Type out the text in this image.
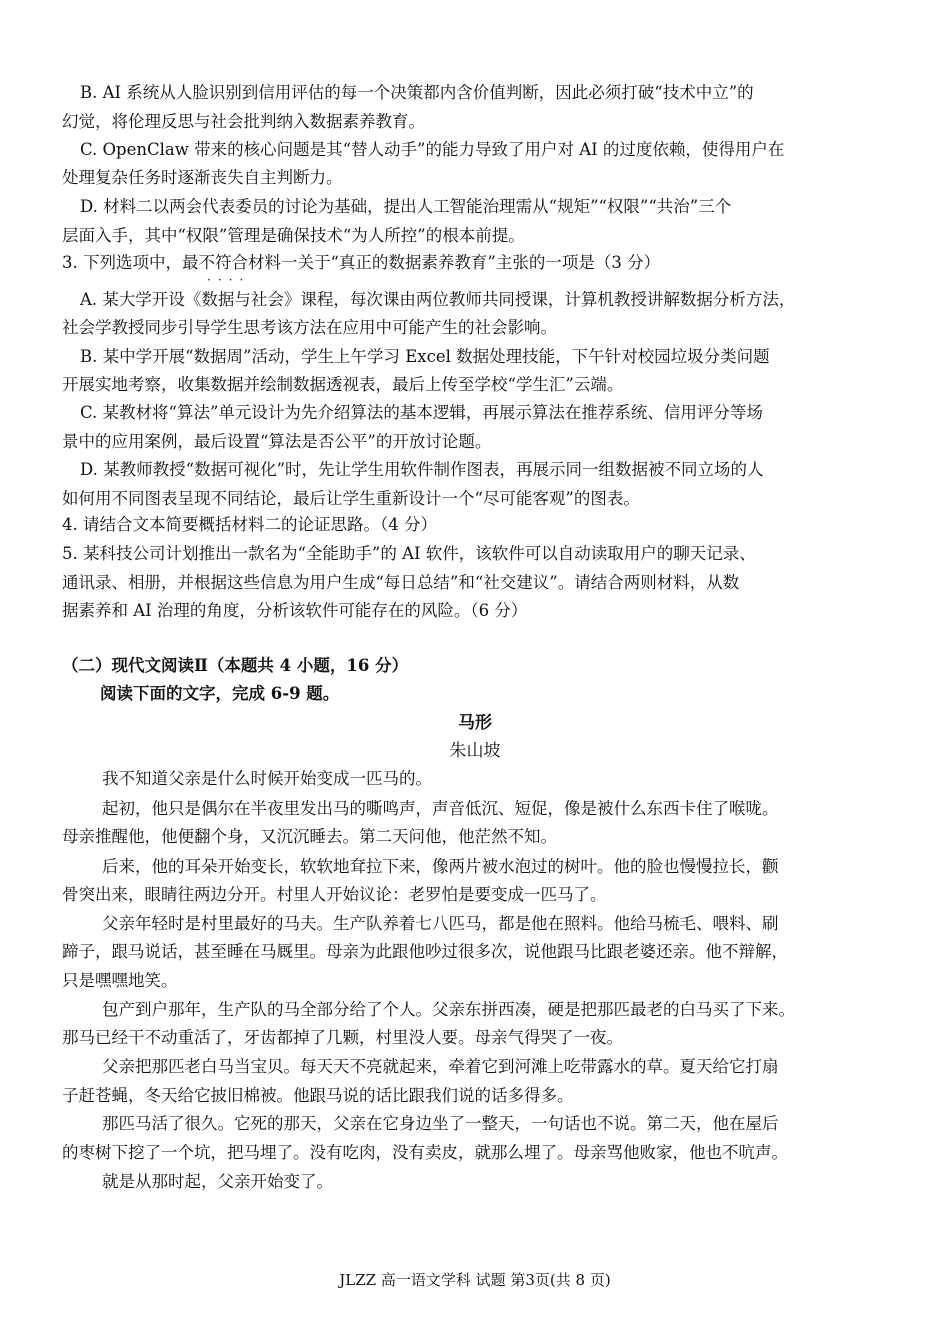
B. AI 系统从人脸识别到信用评估的每一个决策都内含价值判断，因此必须打破“技术中立”的
幻觉，将伦理反思与社会批判纳入数据素养教育。
C. OpenClaw 带来的核心问题是其“替人动手”的能力导致了用户对 AI 的过度依赖，使得用户在
处理复杂任务时逐渐丧失自主判断力。
D. 材料二以两会代表委员的讨论为基础，提出人工智能治理需从“规矩”“权限”“共治”三个
层面入手，其中“权限”管理是确保技术“为人所控”的根本前提。
3. 下列选项中，最不符合材料一关于“真正的数据素养教育”主张的一项是（3 分）
····
A. 某大学开设《数据与社会》课程，每次课由两位教师共同授课，计算机教授讲解数据分析方法，
社会学教授同步引导学生思考该方法在应用中可能产生的社会影响。
B. 某中学开展“数据周”活动，学生上午学习 Excel 数据处理技能，下午针对校园垃圾分类问题
开展实地考察，收集数据并绘制数据透视表，最后上传至学校“学生汇”云端。
C. 某教材将“算法”单元设计为先介绍算法的基本逻辑，再展示算法在推荐系统、信用评分等场
景中的应用案例，最后设置“算法是否公平”的开放讨论题。
D. 某教师教授“数据可视化”时，先让学生用软件制作图表，再展示同一组数据被不同立场的人
如何用不同图表呈现不同结论，最后让学生重新设计一个“尽可能客观”的图表。
4. 请结合文本简要概括材料二的论证思路。（4 分）
5. 某科技公司计划推出一款名为“全能助手”的 AI 软件，该软件可以自动读取用户的聊天记录、
通讯录、相册，并根据这些信息为用户生成“每日总结”和“社交建议”。请结合两则材料，从数
据素养和 AI 治理的角度，分析该软件可能存在的风险。（6 分）
（二）现代文阅读Ⅱ（本题共 4 小题，16 分）
阅读下面的文字，完成 6-9 题。
马形
朱山坡
我不知道父亲是什么时候开始变成一匹马的。
起初，他只是偶尔在半夜里发出马的嘶鸣声，声音低沉、短促，像是被什么东西卡住了喉咙。
母亲推醒他，他便翻个身，又沉沉睡去。第二天问他，他茫然不知。
后来，他的耳朵开始变长，软软地耷拉下来，像两片被水泡过的树叶。他的脸也慢慢拉长，颧
骨突出来，眼睛往两边分开。村里人开始议论：老罗怕是要变成一匹马了。
父亲年轻时是村里最好的马夫。生产队养着七八匹马，都是他在照料。他给马梳毛、喂料、刷
蹄子，跟马说话，甚至睡在马厩里。母亲为此跟他吵过很多次，说他跟马比跟老婆还亲。他不辩解，
只是嘿嘿地笑。
包产到户那年，生产队的马全部分给了个人。父亲东拼西凑，硬是把那匹最老的白马买了下来。
那马已经干不动重活了，牙齿都掉了几颗，村里没人要。母亲气得哭了一夜。
父亲把那匹老白马当宝贝。每天天不亮就起来，牵着它到河滩上吃带露水的草。夏天给它打扇
子赶苍蝇，冬天给它披旧棉被。他跟马说的话比跟我们说的话多得多。
那匹马活了很久。它死的那天，父亲在它身边坐了一整天，一句话也不说。第二天，他在屋后
的枣树下挖了一个坑，把马埋了。没有吃肉，没有卖皮，就那么埋了。母亲骂他败家，他也不吭声。
就是从那时起，父亲开始变了。
JLZZ 高一语文学科 试题 第3页(共 8 页)
